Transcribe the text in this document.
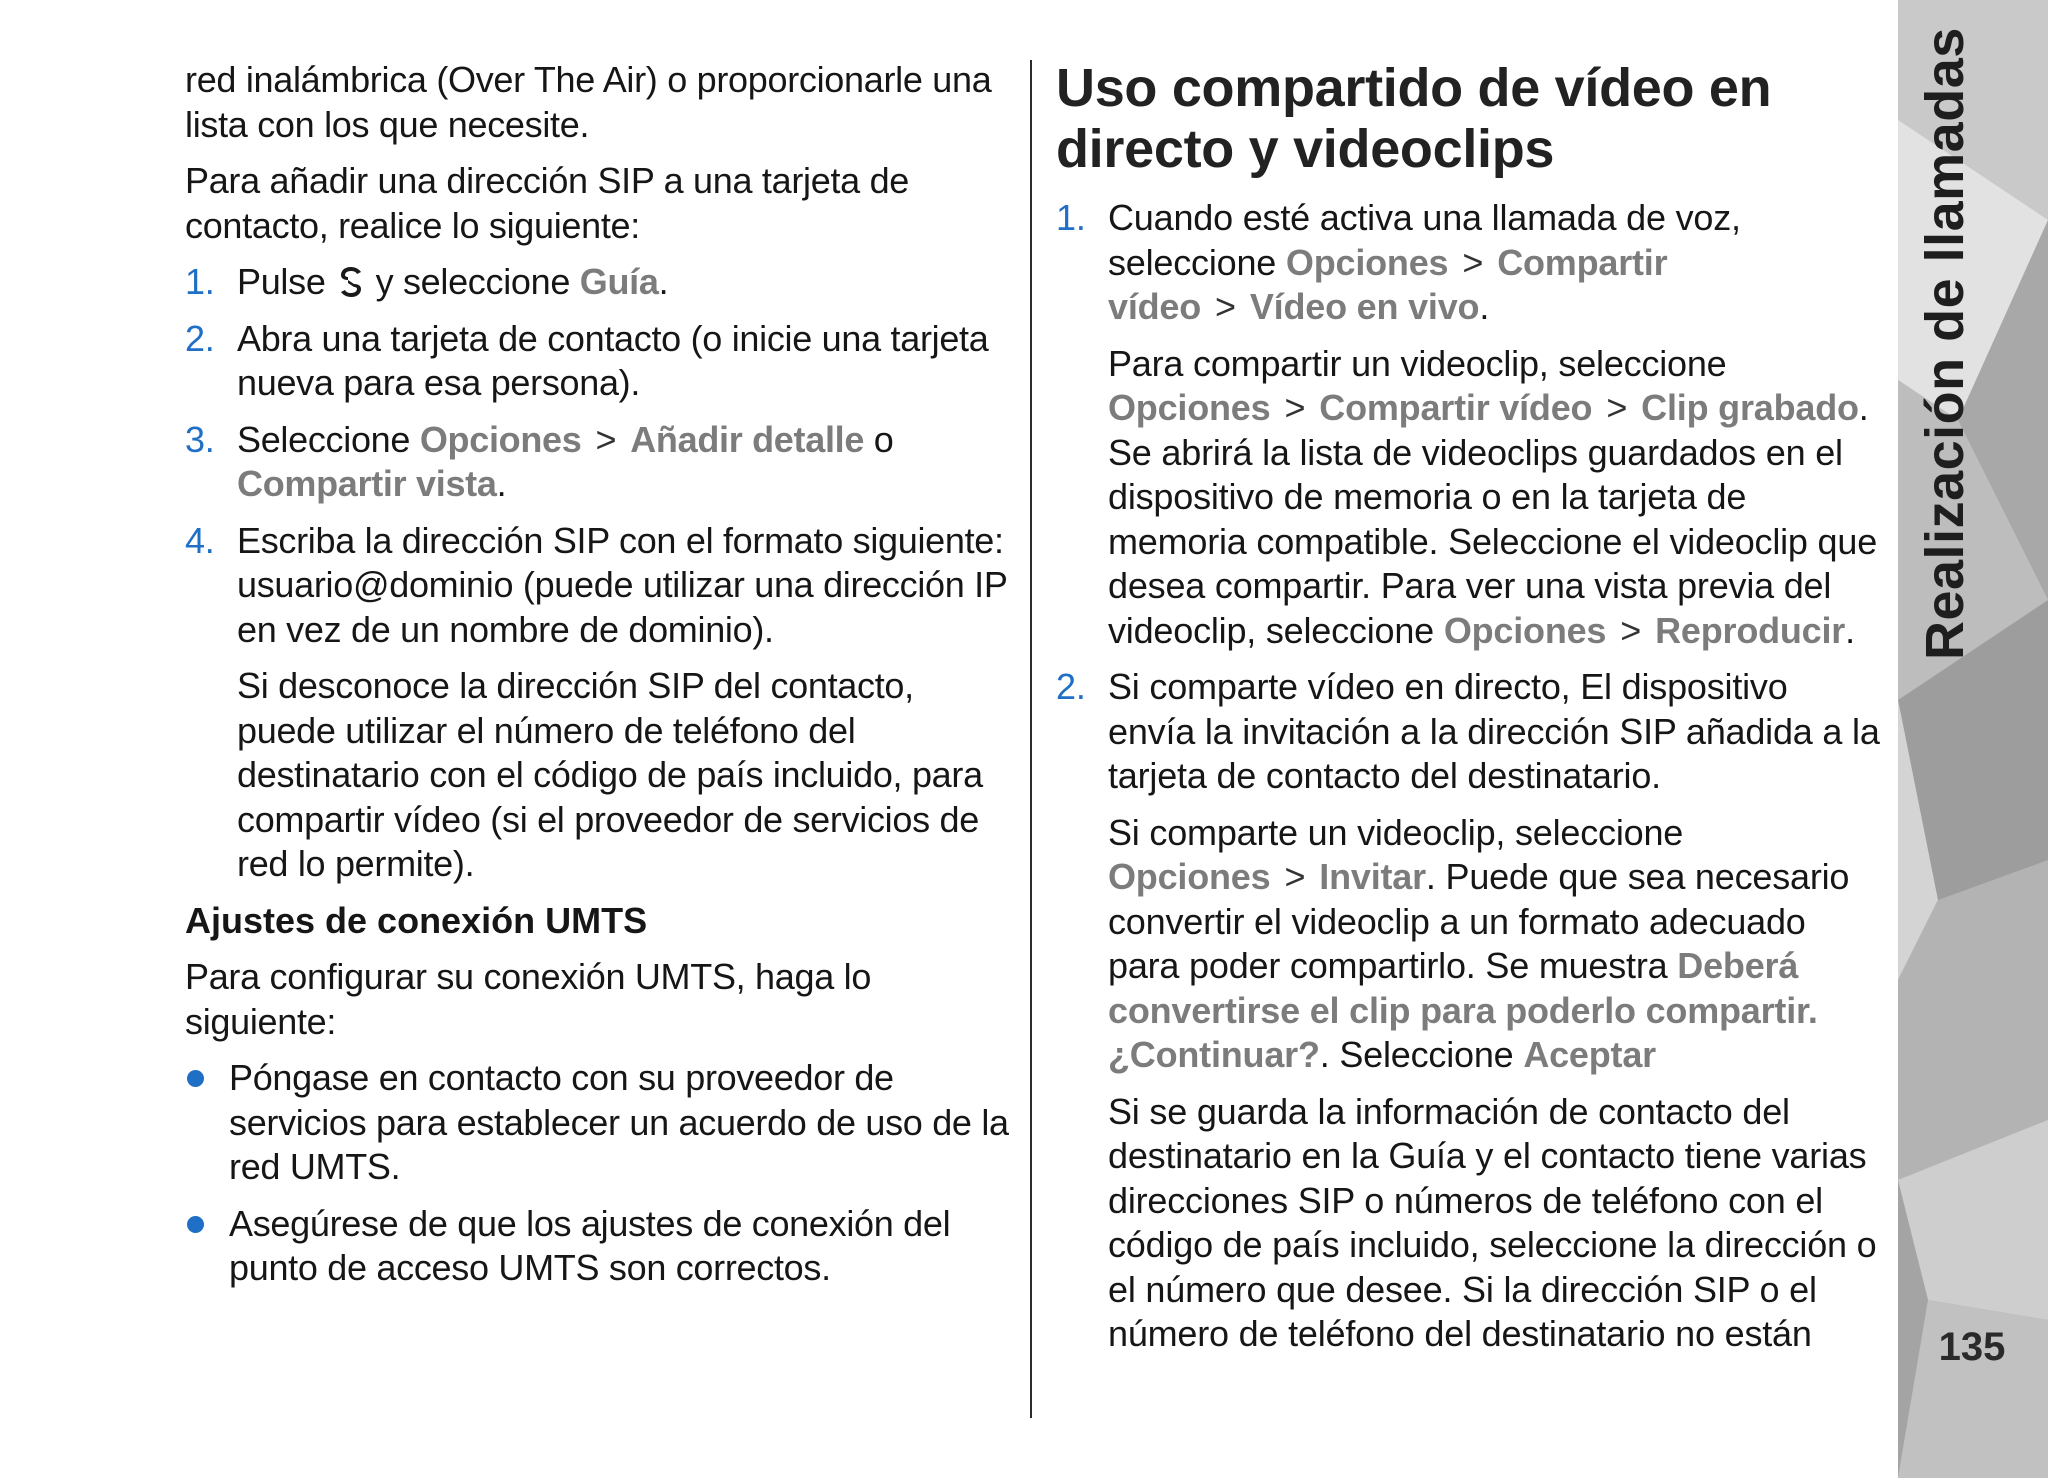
red inalámbrica (Over The Air) o proporcionarle una lista con los que necesite.

Para añadir una dirección SIP a una tarjeta de contacto, realice lo siguiente:

1. Pulse y seleccione Guía.
2. Abra una tarjeta de contacto (o inicie una tarjeta nueva para esa persona).
3. Seleccione Opciones > Añadir detalle o Compartir vista.
4. Escriba la dirección SIP con el formato siguiente: usuario@dominio (puede utilizar una dirección IP en vez de un nombre de dominio).
Si desconoce la dirección SIP del contacto, puede utilizar el número de teléfono del destinatario con el código de país incluido, para compartir vídeo (si el proveedor de servicios de red lo permite).
Ajustes de conexión UMTS

Para configurar su conexión UMTS, haga lo siguiente:

Póngase en contacto con su proveedor de servicios para establecer un acuerdo de uso de la red UMTS.
Asegúrese de que los ajustes de conexión del punto de acceso UMTS son correctos.
Uso compartido de vídeo en directo y videoclips
1. Cuando esté activa una llamada de voz, seleccione Opciones > Compartir vídeo > Vídeo en vivo.
Para compartir un videoclip, seleccione Opciones > Compartir vídeo > Clip grabado. Se abrirá la lista de videoclips guardados en el dispositivo de memoria o en la tarjeta de memoria compatible. Seleccione el videoclip que desea compartir. Para ver una vista previa del videoclip, seleccione Opciones > Reproducir.
2. Si comparte vídeo en directo, El dispositivo envía la invitación a la dirección SIP añadida a la tarjeta de contacto del destinatario.
Si comparte un videoclip, seleccione Opciones > Invitar. Puede que sea necesario convertir el videoclip a un formato adecuado para poder compartirlo. Se muestra Deberá convertirse el clip para poderlo compartir. ¿Continuar?. Seleccione Aceptar
Si se guarda la información de contacto del destinatario en la Guía y el contacto tiene varias direcciones SIP o números de teléfono con el código de país incluido, seleccione la dirección o el número que desee. Si la dirección SIP o el número de teléfono del destinatario no están
Realización de llamadas
135
